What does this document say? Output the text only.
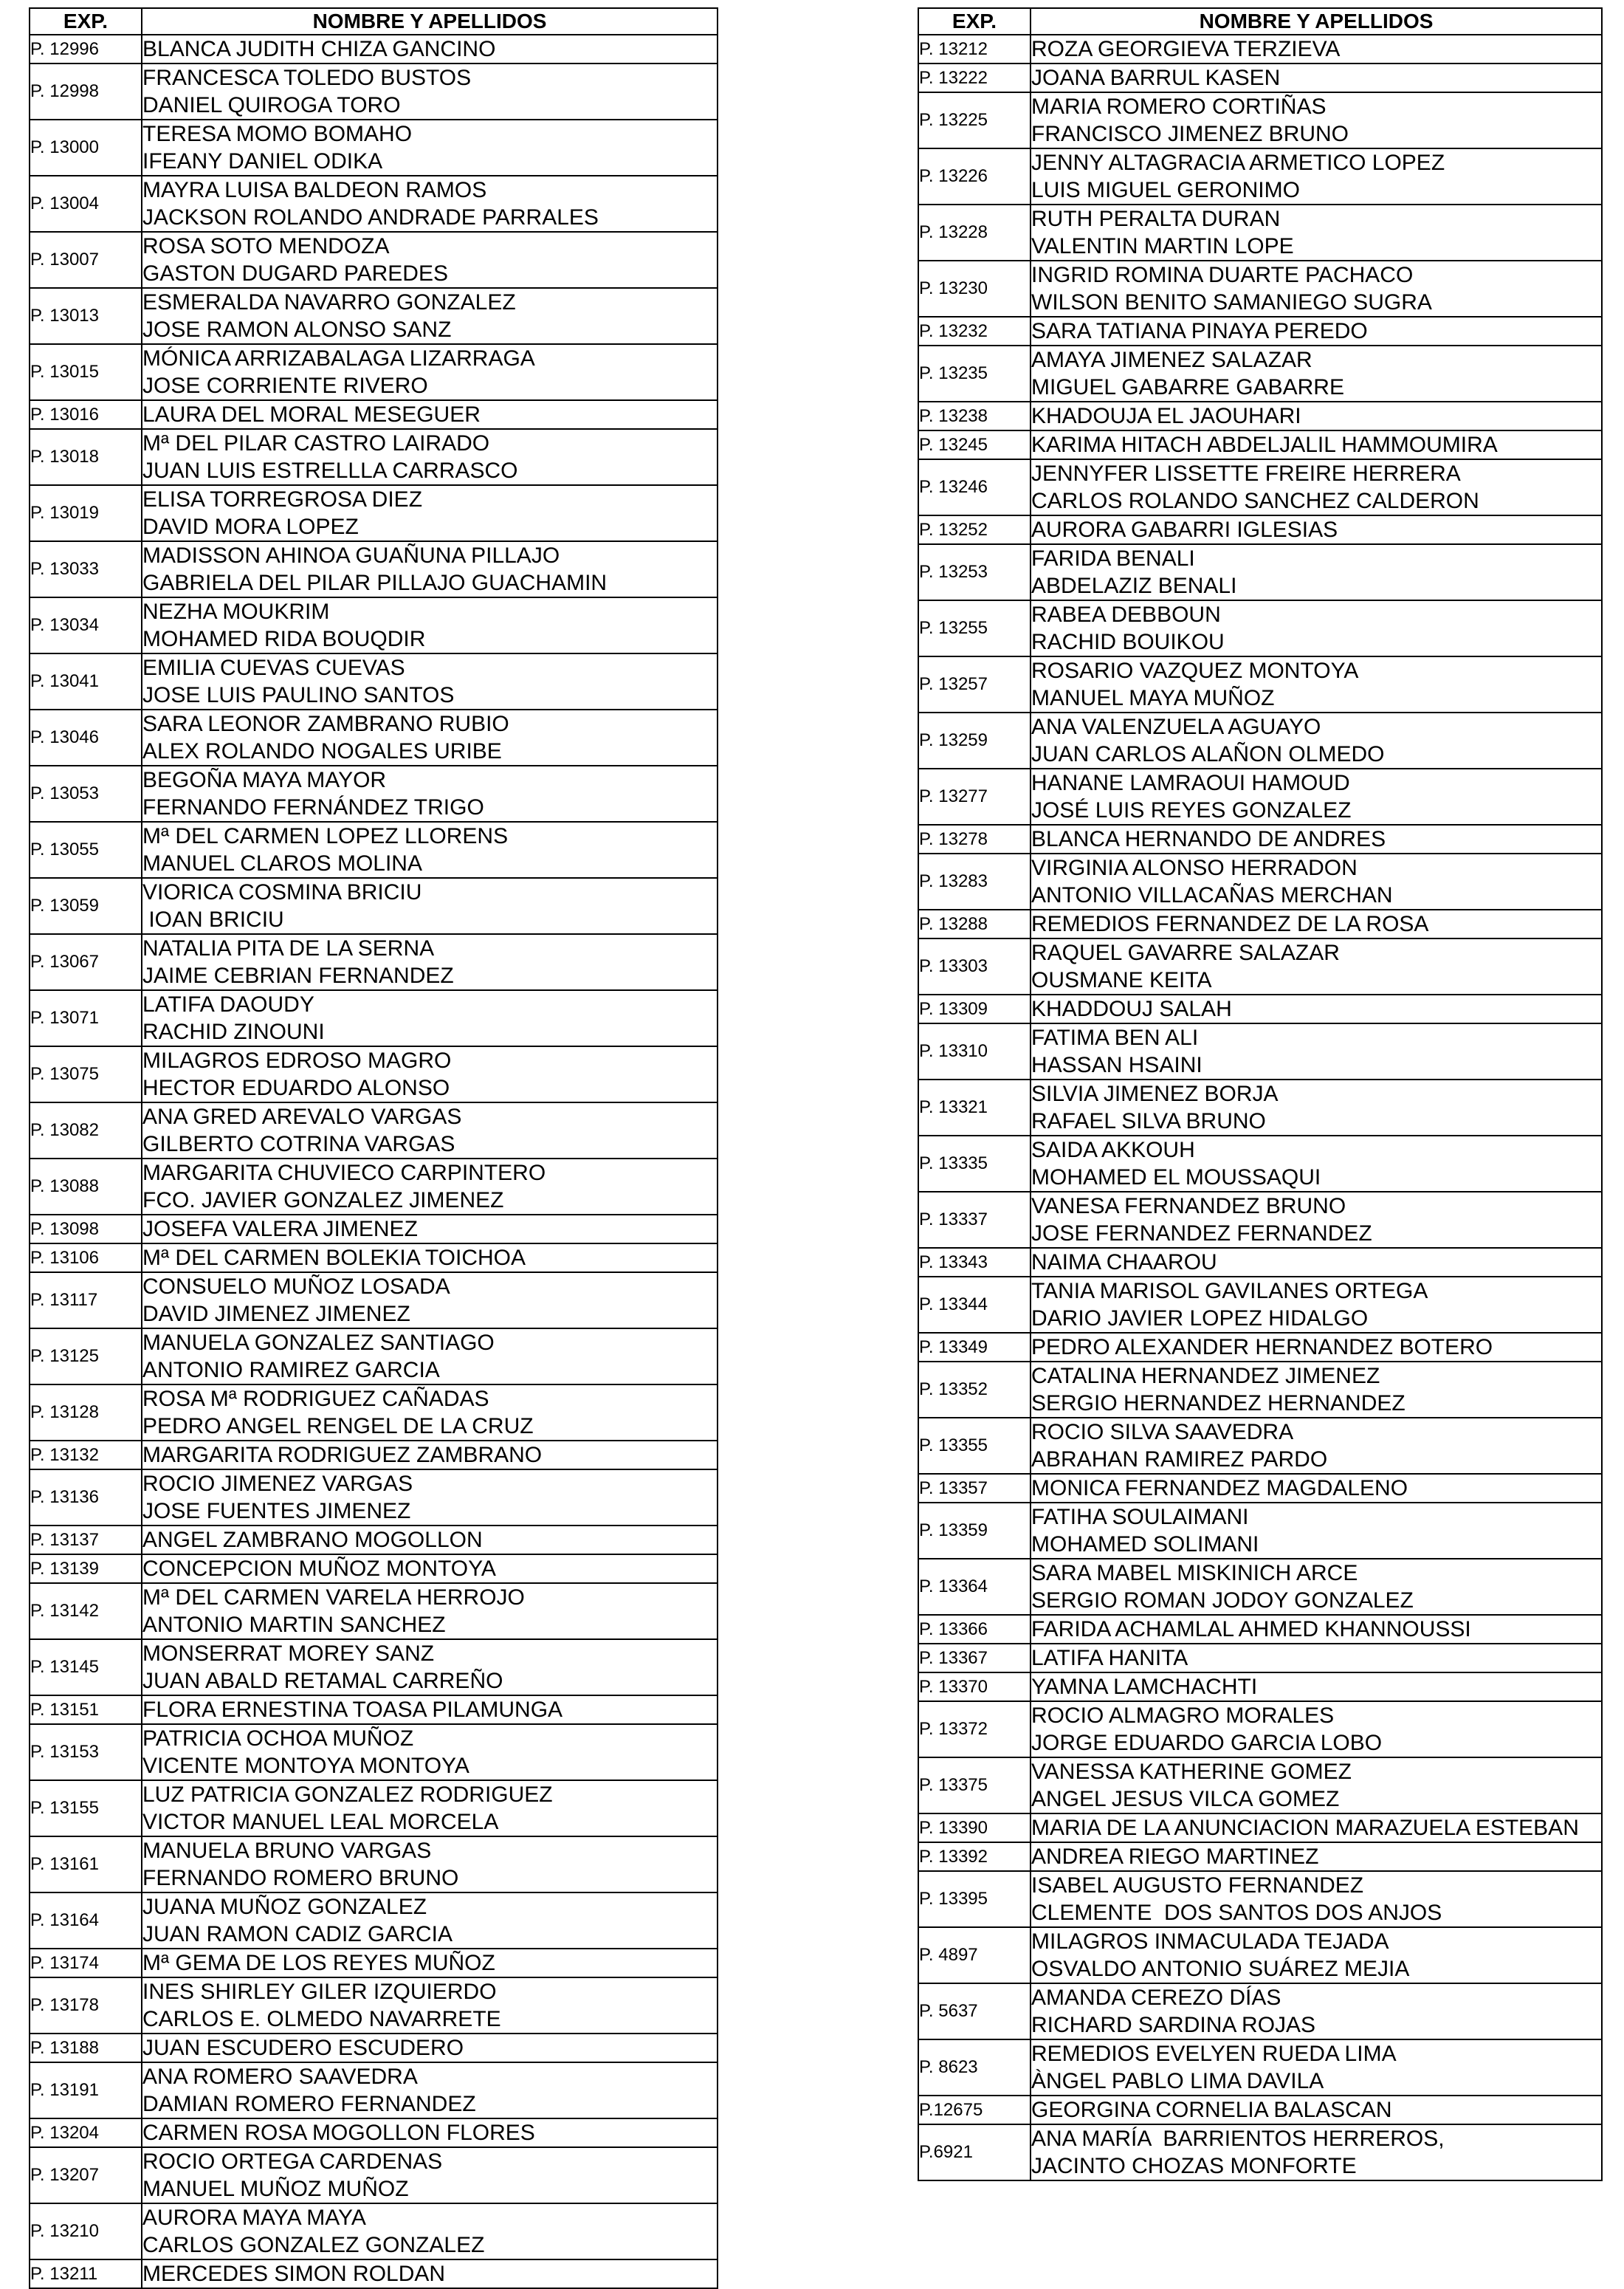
EXP.	NOMBRE Y APELLIDOS
P. 12996	BLANCA JUDITH CHIZA GANCINO

P. 12998	FRANCESCA TOLEDO BUSTOS
DANIEL QUIROGA TORO

P. 13000	TERESA MOMO BOMAHO
IFEANY DANIEL ODIKA

P. 13004	MAYRA LUISA BALDEON RAMOS
JACKSON ROLANDO ANDRADE PARRALES

P. 13007	ROSA SOTO MENDOZA
GASTON DUGARD PAREDES

P. 13013	ESMERALDA NAVARRO GONZALEZ
JOSE RAMON ALONSO SANZ

P. 13015	MÓNICA ARRIZABALAGA LIZARRAGA
JOSE CORRIENTE RIVERO

P. 13016	LAURA DEL MORAL MESEGUER

P. 13018	Mª DEL PILAR CASTRO LAIRADO
JUAN LUIS ESTRELLLA CARRASCO

P. 13019	ELISA TORREGROSA DIEZ
DAVID MORA LOPEZ

P. 13033	MADISSON AHINOA GUAÑUNA PILLAJO
GABRIELA DEL PILAR PILLAJO GUACHAMIN

P. 13034	NEZHA MOUKRIM
MOHAMED RIDA BOUQDIR

P. 13041	EMILIA CUEVAS CUEVAS
JOSE LUIS PAULINO SANTOS

P. 13046	SARA LEONOR ZAMBRANO RUBIO
ALEX ROLANDO NOGALES URIBE

P. 13053	BEGOÑA MAYA MAYOR
FERNANDO FERNÁNDEZ TRIGO

P. 13055	Mª DEL CARMEN LOPEZ LLORENS
MANUEL CLAROS MOLINA

P. 13059	VIORICA COSMINA BRICIU
IOAN BRICIU

P. 13067	NATALIA PITA DE LA SERNA
JAIME CEBRIAN FERNANDEZ

P. 13071	LATIFA DAOUDY
RACHID ZINOUNI

P. 13075	MILAGROS EDROSO MAGRO
HECTOR EDUARDO ALONSO

P. 13082	ANA GRED AREVALO VARGAS
GILBERTO COTRINA VARGAS

P. 13088	MARGARITA CHUVIECO CARPINTERO
FCO. JAVIER GONZALEZ JIMENEZ

P. 13098	JOSEFA VALERA JIMENEZ

P. 13106	Mª DEL CARMEN BOLEKIA TOICHOA

P. 13117	CONSUELO MUÑOZ LOSADA
DAVID JIMENEZ JIMENEZ

P. 13125	MANUELA GONZALEZ SANTIAGO
ANTONIO RAMIREZ GARCIA

P. 13128	ROSA Mª RODRIGUEZ CAÑADAS
PEDRO ANGEL RENGEL DE LA CRUZ

P. 13132	MARGARITA RODRIGUEZ ZAMBRANO

P. 13136	ROCIO JIMENEZ VARGAS
JOSE FUENTES JIMENEZ

P. 13137	ANGEL ZAMBRANO MOGOLLON

P. 13139	CONCEPCION MUÑOZ MONTOYA

P. 13142	Mª DEL CARMEN VARELA HERROJO
ANTONIO MARTIN SANCHEZ

P. 13145	MONSERRAT MOREY SANZ
JUAN ABALD RETAMAL CARREÑO

P. 13151	FLORA ERNESTINA TOASA PILAMUNGA

P. 13153	PATRICIA OCHOA MUÑOZ
VICENTE MONTOYA MONTOYA

P. 13155	LUZ PATRICIA GONZALEZ RODRIGUEZ
VICTOR MANUEL LEAL MORCELA

P. 13161	MANUELA BRUNO VARGAS
FERNANDO ROMERO BRUNO

P. 13164	JUANA MUÑOZ GONZALEZ
JUAN RAMON CADIZ GARCIA

P. 13174	Mª GEMA DE LOS REYES MUÑOZ

P. 13178	INES SHIRLEY GILER IZQUIERDO
CARLOS E. OLMEDO NAVARRETE

P. 13188	JUAN ESCUDERO ESCUDERO

P. 13191	ANA ROMERO SAAVEDRA
DAMIAN ROMERO FERNANDEZ

P. 13204	CARMEN ROSA MOGOLLON FLORES

P. 13207	ROCIO ORTEGA CARDENAS
MANUEL MUÑOZ MUÑOZ

P. 13210	AURORA MAYA MAYA
CARLOS GONZALEZ GONZALEZ

P. 13211	MERCEDES SIMON ROLDAN
EXP.	NOMBRE Y APELLIDOS
P. 13212	ROZA GEORGIEVA TERZIEVA

P. 13222	JOANA BARRUL KASEN

P. 13225	MARIA ROMERO CORTIÑAS
FRANCISCO JIMENEZ BRUNO

P. 13226	JENNY ALTAGRACIA ARMETICO LOPEZ
LUIS MIGUEL GERONIMO

P. 13228	RUTH PERALTA DURAN
VALENTIN MARTIN LOPE

P. 13230	INGRID ROMINA DUARTE PACHACO
WILSON BENITO SAMANIEGO SUGRA

P. 13232	SARA TATIANA PINAYA PEREDO

P. 13235	AMAYA JIMENEZ SALAZAR
MIGUEL GABARRE GABARRE

P. 13238	KHADOUJA EL JAOUHARI

P. 13245	KARIMA HITACH ABDELJALIL HAMMOUMIRA

P. 13246	JENNYFER LISSETTE FREIRE HERRERA
CARLOS ROLANDO SANCHEZ CALDERON

P. 13252	AURORA GABARRI IGLESIAS

P. 13253	FARIDA BENALI
ABDELAZIZ BENALI

P. 13255	RABEA DEBBOUN
RACHID BOUIKOU

P. 13257	ROSARIO VAZQUEZ MONTOYA
MANUEL MAYA MUÑOZ

P. 13259	ANA VALENZUELA AGUAYO
JUAN CARLOS ALAÑON OLMEDO

P. 13277	HANANE LAMRAOUI HAMOUD
JOSÉ LUIS REYES GONZALEZ

P. 13278	BLANCA HERNANDO DE ANDRES

P. 13283	VIRGINIA ALONSO HERRADON
ANTONIO VILLACAÑAS MERCHAN

P. 13288	REMEDIOS FERNANDEZ DE LA ROSA

P. 13303	RAQUEL GAVARRE SALAZAR
OUSMANE KEITA

P. 13309	KHADDOUJ SALAH

P. 13310	FATIMA BEN ALI
HASSAN HSAINI

P. 13321	SILVIA JIMENEZ BORJA
RAFAEL SILVA BRUNO

P. 13335	SAIDA AKKOUH
MOHAMED EL MOUSSAQUI

P. 13337	VANESA FERNANDEZ BRUNO
JOSE FERNANDEZ FERNANDEZ

P. 13343	NAIMA CHAAROU

P. 13344	TANIA MARISOL GAVILANES ORTEGA
DARIO JAVIER LOPEZ HIDALGO

P. 13349	PEDRO ALEXANDER HERNANDEZ BOTERO

P. 13352	CATALINA HERNANDEZ JIMENEZ
SERGIO HERNANDEZ HERNANDEZ

P. 13355	ROCIO SILVA SAAVEDRA
ABRAHAN RAMIREZ PARDO

P. 13357	MONICA FERNANDEZ MAGDALENO

P. 13359	FATIHA SOULAIMANI
MOHAMED SOLIMANI

P. 13364	SARA MABEL MISKINICH ARCE
SERGIO ROMAN JODOY GONZALEZ

P. 13366	FARIDA ACHAMLAL AHMED KHANNOUSSI

P. 13367	LATIFA HANITA

P. 13370	YAMNA LAMCHACHTI

P. 13372	ROCIO ALMAGRO MORALES
JORGE EDUARDO GARCIA LOBO

P. 13375	VANESSA KATHERINE GOMEZ
ANGEL JESUS VILCA GOMEZ

P. 13390	MARIA DE LA ANUNCIACION MARAZUELA ESTEBAN

P. 13392	ANDREA RIEGO MARTINEZ

P. 13395	ISABEL AUGUSTO FERNANDEZ
CLEMENTE  DOS SANTOS DOS ANJOS

P. 4897	MILAGROS INMACULADA TEJADA
OSVALDO ANTONIO SUÁREZ MEJIA

P. 5637	AMANDA CEREZO DÍAS
RICHARD SARDINA ROJAS

P. 8623	REMEDIOS EVELYEN RUEDA LIMA
ÀNGEL PABLO LIMA DAVILA

P.12675	GEORGINA CORNELIA BALASCAN

P.6921	ANA MARÍA  BARRIENTOS HERREROS,
JACINTO CHOZAS MONFORTE
